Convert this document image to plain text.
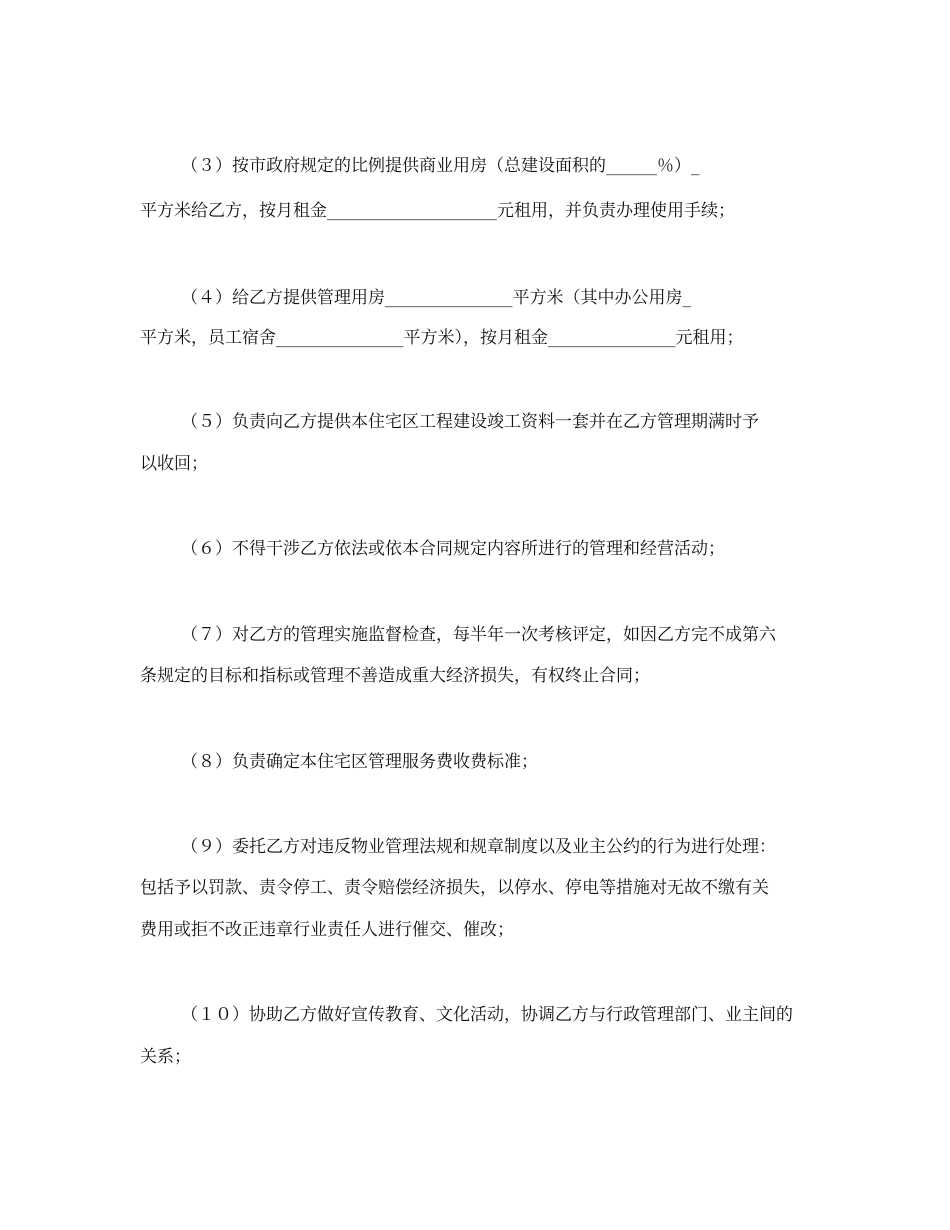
（３）按市政府规定的比例提供商业用房（总建设面积的______％）_
平方米给乙方，按月租金____________________元租用，并负责办理使用手续；
（４）给乙方提供管理用房_______________平方米（其中办公用房_
平方米，员工宿舍_______________平方米），按月租金_______________元租用；
（５）负责向乙方提供本住宅区工程建设竣工资料一套并在乙方管理期满时予
以收回；
（６）不得干涉乙方依法或依本合同规定内容所进行的管理和经营活动；
（７）对乙方的管理实施监督检查，每半年一次考核评定，如因乙方完不成第六
条规定的目标和指标或管理不善造成重大经济损失，有权终止合同；
（８）负责确定本住宅区管理服务费收费标准；
（９）委托乙方对违反物业管理法规和规章制度以及业主公约的行为进行处理：
包括予以罚款、责令停工、责令赔偿经济损失，以停水、停电等措施对无故不缴有关
费用或拒不改正违章行业责任人进行催交、催改；
（１０）协助乙方做好宣传教育、文化活动，协调乙方与行政管理部门、业主间的
关系；
